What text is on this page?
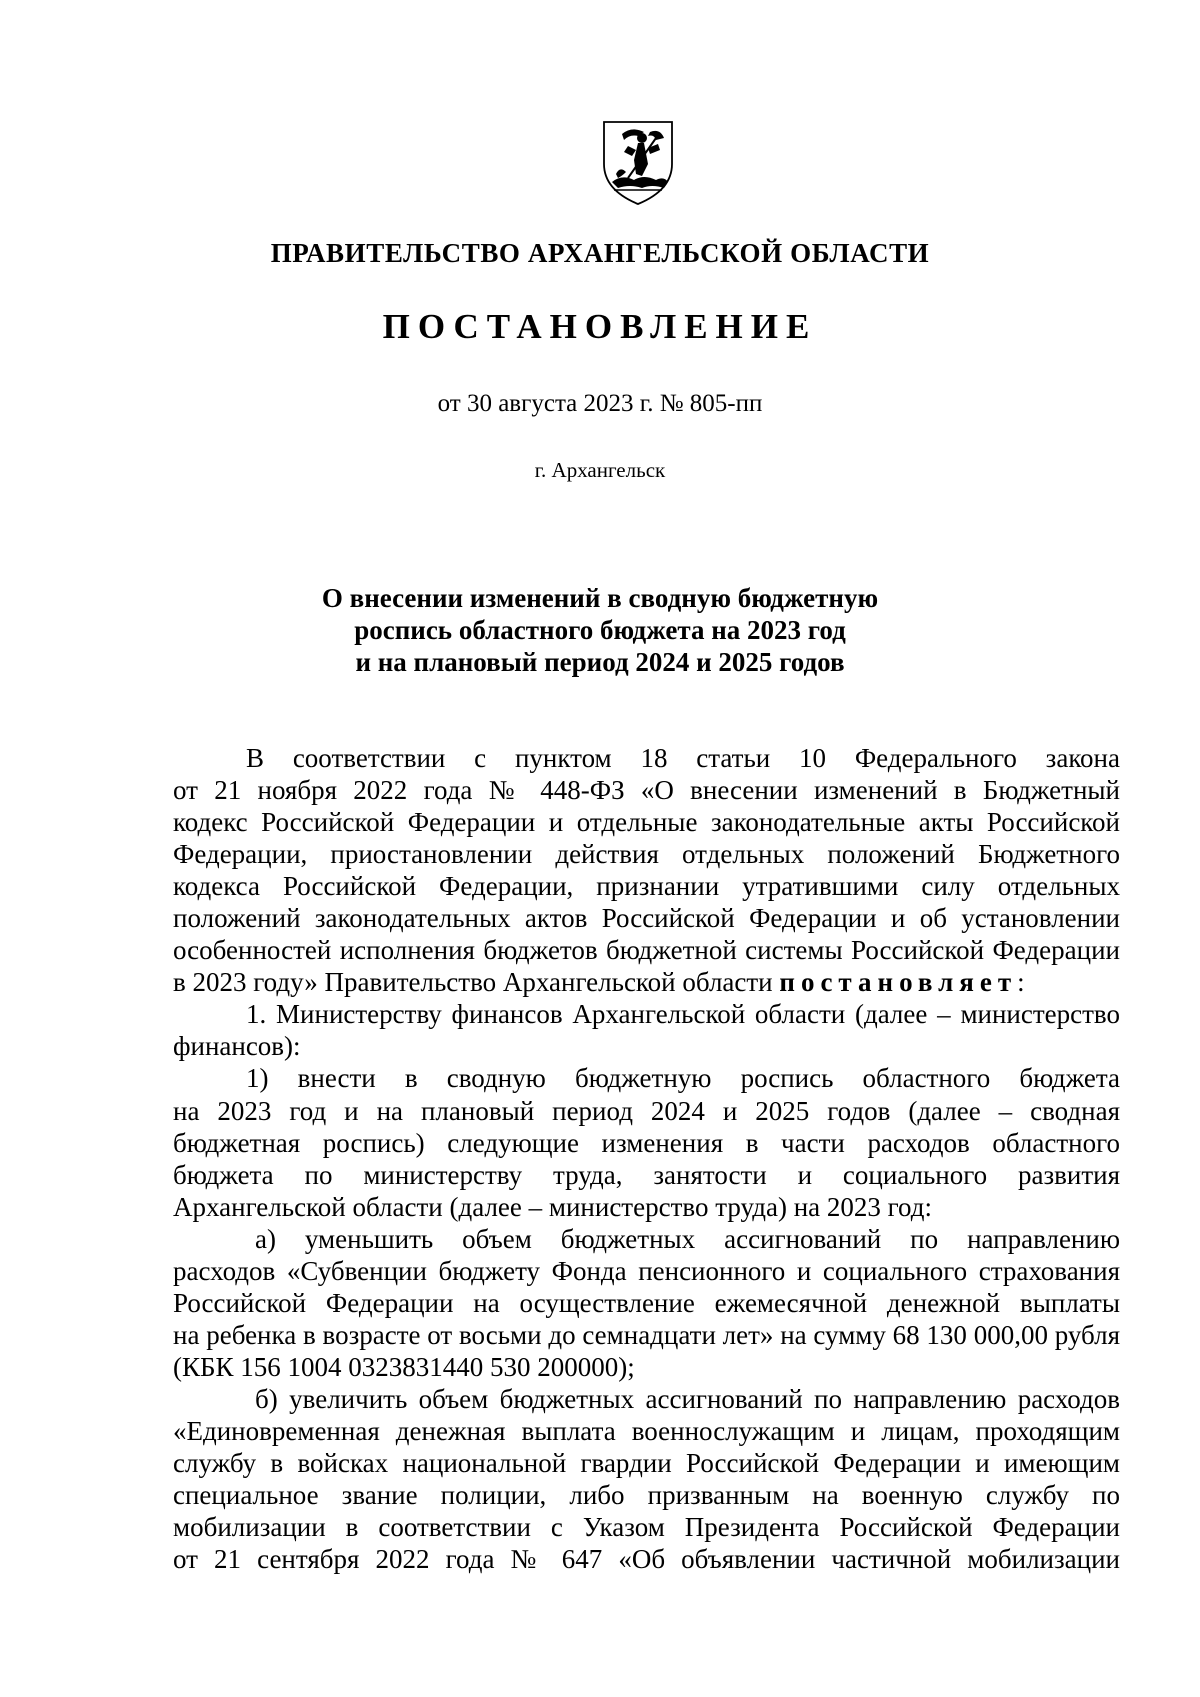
ПРАВИТЕЛЬСТВО АРХАНГЕЛЬСКОЙ ОБЛАСТИ
ПОСТАНОВЛЕНИЕ
от 30 августа 2023 г. № 805-пп
г. Архангельск
О внесении изменений в сводную бюджетную
роспись областного бюджета на 2023 год
и на плановый период 2024 и 2025 годов
В соответствии с пунктом 18 статьи 10 Федерального закона
от 21 ноября 2022 года № 448-ФЗ «О внесении изменений в Бюджетный
кодекс Российской Федерации и отдельные законодательные акты Российской
Федерации, приостановлении действия отдельных положений Бюджетного
кодекса Российской Федерации, признании утратившими силу отдельных
положений законодательных актов Российской Федерации и об установлении
особенностей исполнения бюджетов бюджетной системы Российской Федерации
в 2023 году» Правительство Архангельской области постановляет:
1. Министерству финансов Архангельской области (далее – министерство
финансов):
1) внести в сводную бюджетную роспись областного бюджета
на 2023 год и на плановый период 2024 и 2025 годов (далее – сводная
бюджетная роспись) следующие изменения в части расходов областного
бюджета по министерству труда, занятости и социального развития
Архангельской области (далее – министерство труда) на 2023 год:
а) уменьшить объем бюджетных ассигнований по направлению
расходов «Субвенции бюджету Фонда пенсионного и социального страхования
Российской Федерации на осуществление ежемесячной денежной выплаты
на ребенка в возрасте от восьми до семнадцати лет» на сумму 68 130 000,00 рубля
(КБК 156 1004 0323831440 530 200000);
б) увеличить объем бюджетных ассигнований по направлению расходов
«Единовременная денежная выплата военнослужащим и лицам, проходящим
службу в войсках национальной гвардии Российской Федерации и имеющим
специальное звание полиции, либо призванным на военную службу по
мобилизации в соответствии с Указом Президента Российской Федерации
от 21 сентября 2022 года № 647 «Об объявлении частичной мобилизации
